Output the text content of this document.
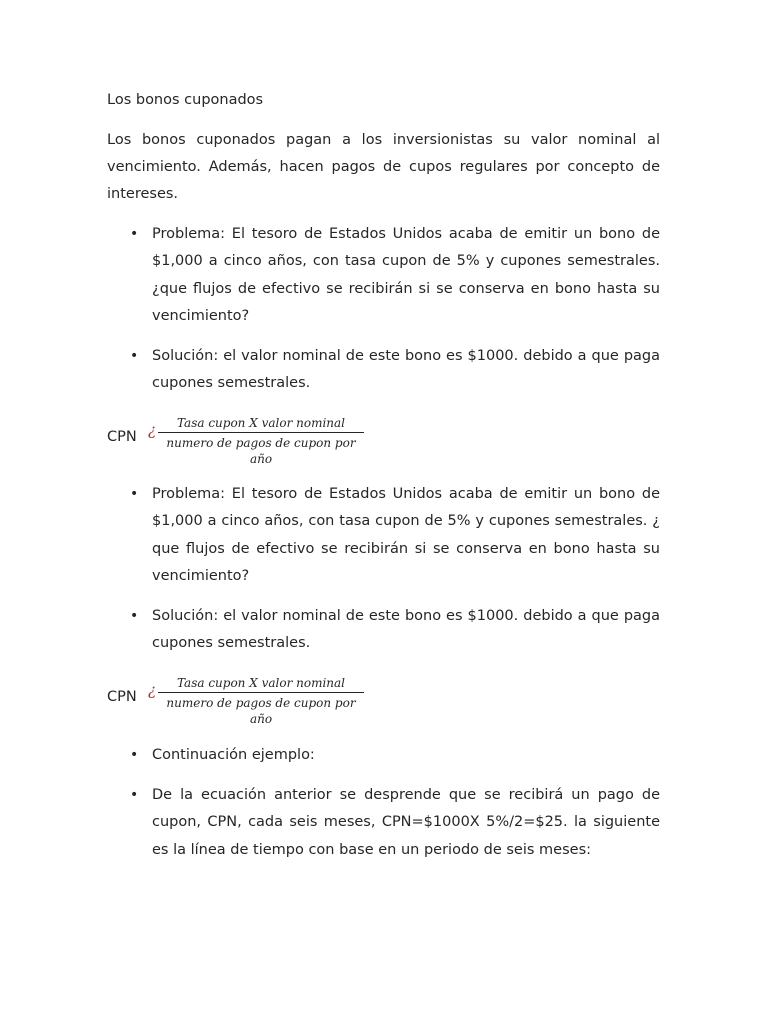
Los bonos cuponados
Los bonos cuponados pagan a los inversionistas su valor nominal al vencimiento. Además, hacen pagos de cupos regulares por concepto de intereses.
• Problema: El tesoro de Estados Unidos acaba de emitir un bono de $1,000 a cinco años, con tasa cupon de 5% y cupones semestrales. ¿que flujos de efectivo se recibirán si se conserva en bono hasta su vencimiento?
• Solución: el valor nominal de este bono es $1000. debido a que paga cupones semestrales.
CPN ¿	Tasa cupon X valor nominal
numero de pagos de cupon por año
• Problema: El tesoro de Estados Unidos acaba de emitir un bono de $1,000 a cinco años, con tasa cupon de 5% y cupones semestrales. ¿ que flujos de efectivo se recibirán si se conserva en bono hasta su vencimiento?
• Solución: el valor nominal de este bono es $1000. debido a que paga cupones semestrales.
CPN ¿	Tasa cupon X valor nominal
numero de pagos de cupon por año
• Continuación ejemplo:
• De la ecuación anterior se desprende que se recibirá un pago de cupon, CPN, cada seis meses, CPN=$1000X 5%/2=$25. la siguiente es la línea de tiempo con base en un periodo de seis meses:
